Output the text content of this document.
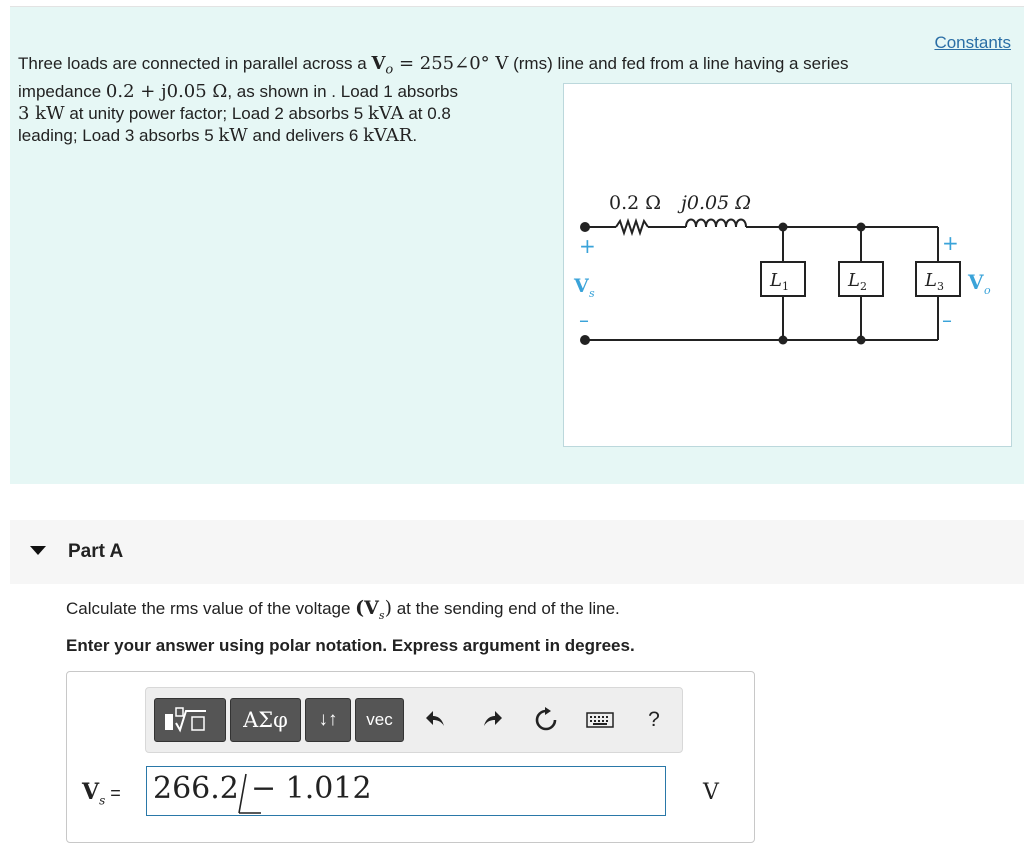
Constants
Three loads are connected in parallel across a $V_o$ = 255∠0° V (rms) line and fed from a line having a series
impedance 0.2 + j0.05 Ω, as shown in . Load 1 absorbs
3 kW at unity power factor; Load 2 absorbs 5 kVA at 0.8
leading; Load 3 absorbs 5 kW and delivers 6 kVAR.
0.2 Ω j0.05 Ω
+
V s
–
+
V o
–
L 1	L 2	L 3
Part A
Calculate the rms value of the voltage $(V_s)$ at the sending end of the line.
Enter your answer using polar notation. Express argument in degrees.
ΑΣφ	↓↑	vec	?
$V_s = 266.2 - 1.012$	V
